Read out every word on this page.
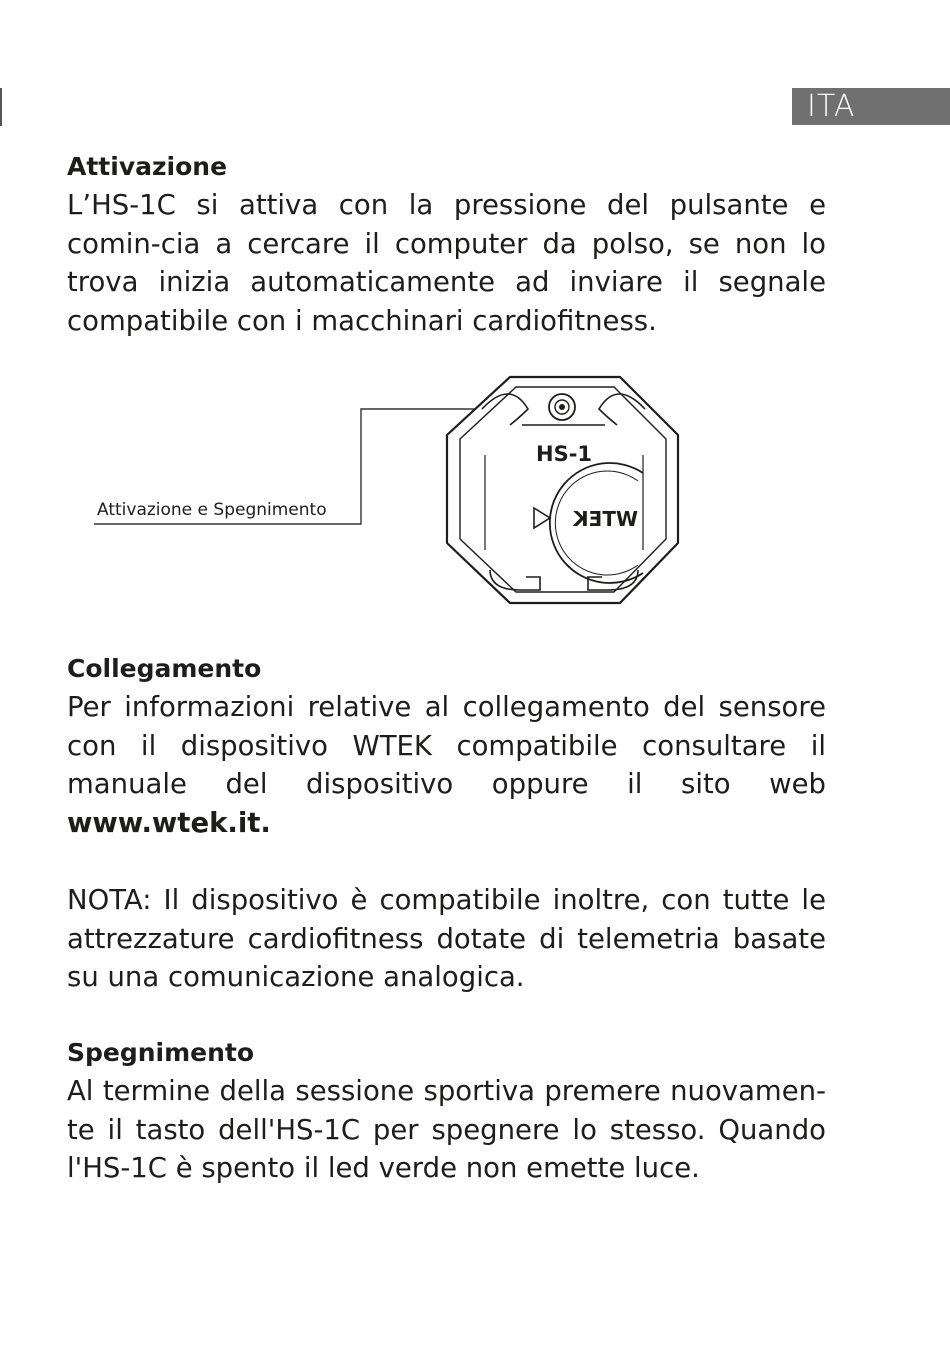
ITA
Attivazione

L’HS-1C si attiva con la pressione del pulsante e comin-cia a cercare il computer da polso, se non lo trova inizia automaticamente ad inviare il segnale compatibile con i macchinari cardiofitness.

Attivazione e Spegnimento
HS-1
WTEK
Collegamento

Per informazioni relative al collegamento del sensore con il dispositivo WTEK compatibile consultare il manuale del dispositivo oppure il sito web

www.wtek.it.

NOTA: Il dispositivo è compatibile inoltre, con tutte le attrezzature cardiofitness dotate di telemetria basate su una comunicazione analogica.

Spegnimento

Al termine della sessione sportiva premere nuovamen-te il tasto dell'HS-1C per spegnere lo stesso. Quando l'HS-1C è spento il led verde non emette luce.
